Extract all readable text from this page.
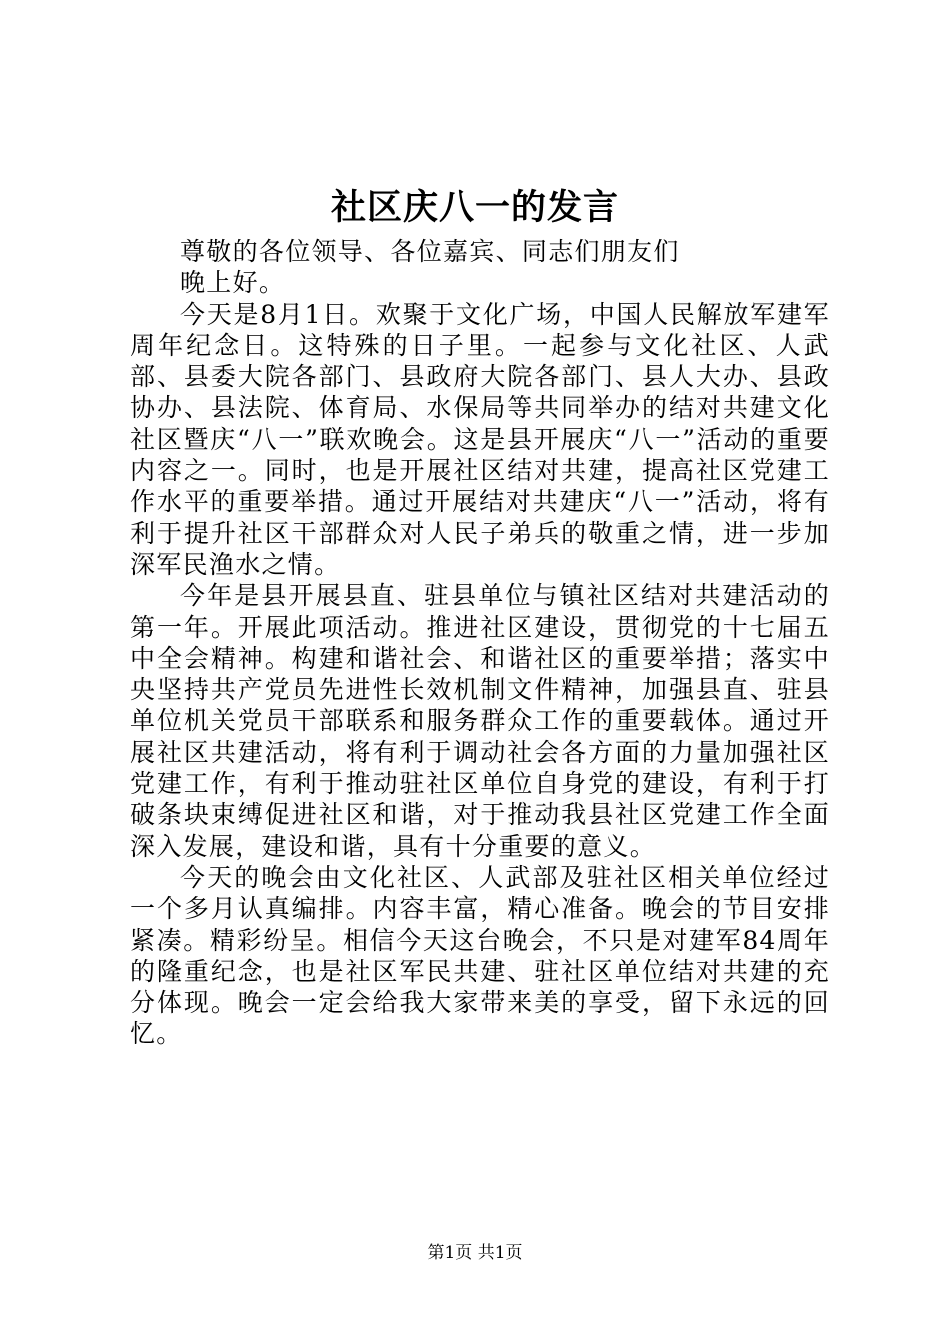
社区庆八一的发言

尊敬的各位领导、各位嘉宾、同志们朋友们

晚上好。

今天是8月1日。欢聚于文化广场，中国人民解放军建军周年纪念日。这特殊的日子里。一起参与文化社区、人武部、县委大院各部门、县政府大院各部门、县人大办、县政协办、县法院、体育局、水保局等共同举办的结对共建文化社区暨庆“八一”联欢晚会。这是县开展庆“八一”活动的重要内容之一。同时，也是开展社区结对共建，提高社区党建工作水平的重要举措。通过开展结对共建庆“八一”活动，将有利于提升社区干部群众对人民子弟兵的敬重之情，进一步加深军民渔水之情。

今年是县开展县直、驻县单位与镇社区结对共建活动的第一年。开展此项活动。推进社区建设，贯彻党的十七届五中全会精神。构建和谐社会、和谐社区的重要举措；落实中央坚持共产党员先进性长效机制文件精神，加强县直、驻县单位机关党员干部联系和服务群众工作的重要载体。通过开展社区共建活动，将有利于调动社会各方面的力量加强社区党建工作，有利于推动驻社区单位自身党的建设，有利于打破条块束缚促进社区和谐，对于推动我县社区党建工作全面深入发展，建设和谐，具有十分重要的意义。

今天的晚会由文化社区、人武部及驻社区相关单位经过一个多月认真编排。内容丰富，精心准备。晚会的节目安排紧凑。精彩纷呈。相信今天这台晚会，不只是对建军84周年的隆重纪念，也是社区军民共建、驻社区单位结对共建的充分体现。晚会一定会给我大家带来美的享受，留下永远的回忆。

第1页 共1页
